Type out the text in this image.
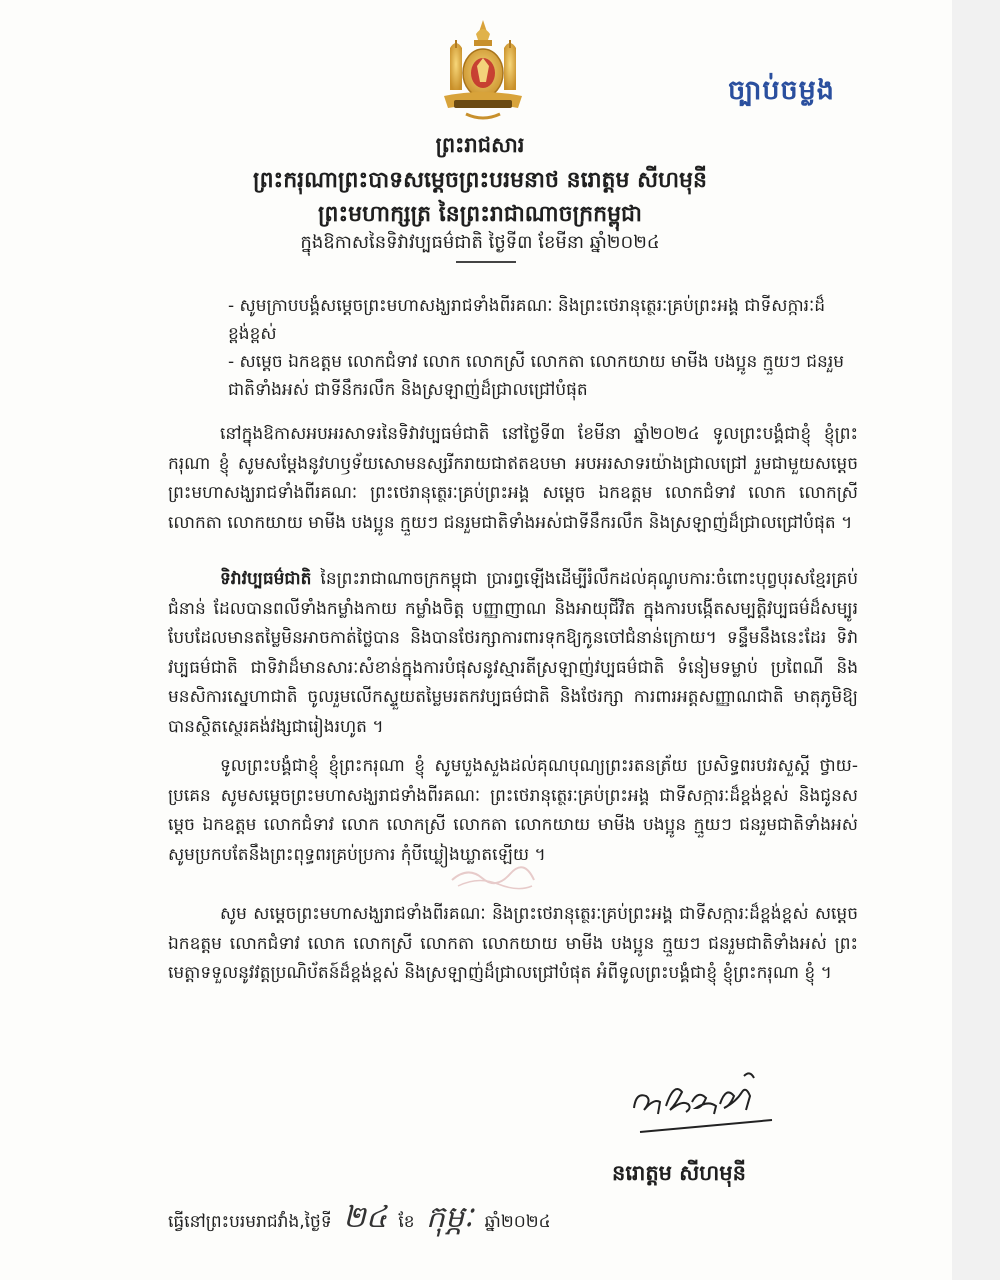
ច្បាប់ចម្លង
ព្រះរាជសារ
ព្រះករុណាព្រះបាទសម្តេចព្រះបរមនាថ នរោត្តម សីហមុនី
ព្រះមហាក្សត្រ នៃព្រះរាជាណាចក្រកម្ពុជា
ក្នុងឱកាសនៃទិវាវប្បធម៌ជាតិ ថ្ងៃទី៣ ខែមីនា ឆ្នាំ២០២៤
- សូមក្រាបបង្គំសម្តេចព្រះមហាសង្ឃរាជទាំងពីរគណៈ និងព្រះថេរានុត្ថេរៈគ្រប់ព្រះអង្គ ជាទីសក្ការៈដ៏ខ្ពង់ខ្ពស់
- សម្តេច ឯកឧត្តម លោកជំទាវ លោក លោកស្រី លោកតា លោកយាយ មាមីង បងប្អូន ក្មួយៗ ជនរួមជាតិទាំងអស់ ជាទីនឹករលឹក និងស្រឡាញ់ដ៏ជ្រាលជ្រៅបំផុត
នៅក្នុងឱកាសអបអរសាទរនៃទិវាវប្បធម៌ជាតិ នៅថ្ងៃទី៣ ខែមីនា ឆ្នាំ២០២៤ ទូលព្រះបង្គំជាខ្ញុំ ខ្ញុំព្រះករុណា ខ្ញុំ សូមសម្តែងនូវហឫទ័យសោមនស្សរីករាយជាឥតឧបមា អបអរសាទរយ៉ាងជ្រាលជ្រៅ រួមជាមួយសម្តេចព្រះមហាសង្ឃរាជទាំងពីរគណៈ ព្រះថេរានុត្ថេរៈគ្រប់ព្រះអង្គ សម្តេច ឯកឧត្តម លោកជំទាវ លោក លោកស្រី លោកតា លោកយាយ មាមីង បងប្អូន ក្មួយៗ ជនរួមជាតិទាំងអស់ជាទីនឹករលឹក និងស្រឡាញ់ដ៏ជ្រាលជ្រៅបំផុត ។
ទិវាវប្បធម៌ជាតិ នៃព្រះរាជាណាចក្រកម្ពុជា ប្រារព្ធឡើងដើម្បីរំលឹកដល់គុណូបការៈចំពោះបុព្វបុរសខ្មែរគ្រប់ជំនាន់ ដែលបានពលីទាំងកម្លាំងកាយ កម្លាំងចិត្ត បញ្ញាញាណ និងអាយុជីវិត ក្នុងការបង្កើតសម្បត្តិវប្បធម៌ដ៏សម្បូរបែបដែលមានតម្លៃមិនអាចកាត់ថ្លៃបាន និងបានថែរក្សាការពារទុកឱ្យកូនចៅជំនាន់ក្រោយ។ ទន្ទឹមនឹងនេះដែរ ទិវាវប្បធម៌ជាតិ ជាទិវាដ៏មានសារៈសំខាន់ក្នុងការបំផុសនូវស្មារតីស្រឡាញ់វប្បធម៌ជាតិ ទំនៀមទម្លាប់ ប្រពៃណី និងមនសិការស្នេហាជាតិ ចូលរួមលើកស្ទួយតម្លៃមរតកវប្បធម៌ជាតិ និងថែរក្សា ការពារអត្តសញ្ញាណជាតិ មាតុភូមិឱ្យបានស្ថិតស្ថេរគង់វង្សជារៀងរហូត ។
ទូលព្រះបង្គំជាខ្ញុំ ខ្ញុំព្រះករុណា ខ្ញុំ សូមបួងសួងដល់គុណបុណ្យព្រះរតនត្រ័យ ប្រសិទ្ធពរបវរសួស្តី ថ្វាយ-ប្រគេន សូមសម្តេចព្រះមហាសង្ឃរាជទាំងពីរគណៈ ព្រះថេរានុត្ថេរៈគ្រប់ព្រះអង្គ ជាទីសក្ការៈដ៏ខ្ពង់ខ្ពស់ និងជូនសម្តេច ឯកឧត្តម លោកជំទាវ លោក លោកស្រី លោកតា លោកយាយ មាមីង បងប្អូន ក្មួយៗ ជនរួមជាតិទាំងអស់ សូមប្រកបតែនឹងព្រះពុទ្ធពរគ្រប់ប្រការ កុំបីឃ្លៀងឃ្លាតឡើយ ។
សូម សម្តេចព្រះមហាសង្ឃរាជទាំងពីរគណៈ និងព្រះថេរានុត្ថេរៈគ្រប់ព្រះអង្គ ជាទីសក្ការៈដ៏ខ្ពង់ខ្ពស់ សម្តេច ឯកឧត្តម លោកជំទាវ លោក លោកស្រី លោកតា លោកយាយ មាមីង បងប្អូន ក្មួយៗ ជនរួមជាតិទាំងអស់ ព្រះមេត្តាទទួលនូវវត្តប្រណិប័តន៍ដ៏ខ្ពង់ខ្ពស់ និងស្រឡាញ់ដ៏ជ្រាលជ្រៅបំផុត អំពីទូលព្រះបង្គំជាខ្ញុំ ខ្ញុំព្រះករុណា ខ្ញុំ ។
នរោត្តម សីហមុនី
ធ្វើនៅព្រះបរមរាជវាំង,ថ្ងៃទី ២៤ ខែ កុម្ភៈ ឆ្នាំ២០២៤
